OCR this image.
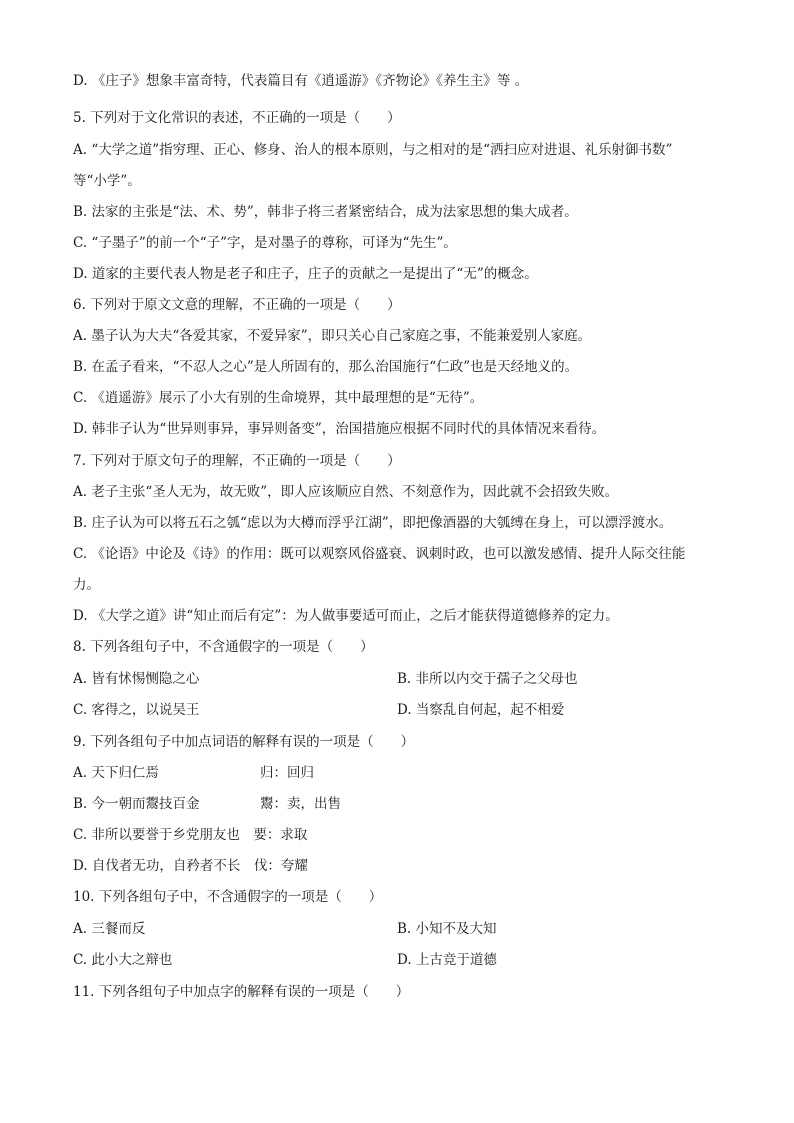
D. 《庄子》想象丰富奇特，代表篇目有《逍遥游》《齐物论》《养生主》等 。
5. 下列对于文化常识的表述，不正确的一项是（　　）
A. “大学之道”指穷理、正心、修身、治人的根本原则，与之相对的是“洒扫应对进退、礼乐射御书数”
等“小学”。
B. 法家的主张是“法、术、势”，韩非子将三者紧密结合，成为法家思想的集大成者。
C. “子墨子”的前一个“子”字，是对墨子的尊称，可译为“先生”。
D. 道家的主要代表人物是老子和庄子，庄子的贡献之一是提出了“无”的概念。
6. 下列对于原文文意的理解，不正确的一项是（　　）
A. 墨子认为大夫“各爱其家，不爱异家”，即只关心自己家庭之事，不能兼爱别人家庭。
B. 在孟子看来，“不忍人之心”是人所固有的，那么治国施行“仁政”也是天经地义的。
C. 《逍遥游》展示了小大有别的生命境界，其中最理想的是“无待”。
D. 韩非子认为“世异则事异，事异则备变”，治国措施应根据不同时代的具体情况来看待。
7. 下列对于原文句子的理解，不正确的一项是（　　）
A. 老子主张“圣人无为，故无败”，即人应该顺应自然、不刻意作为，因此就不会招致失败。
B. 庄子认为可以将五石之瓠“虑以为大樽而浮乎江湖”，即把像酒器的大瓠缚在身上，可以漂浮渡水。
C. 《论语》中论及《诗》的作用：既可以观察风俗盛衰、讽刺时政，也可以激发感情、提升人际交往能
力。
D. 《大学之道》讲“知止而后有定”：为人做事要适可而止，之后才能获得道德修养的定力。
8. 下列各组句子中，不含通假字的一项是（　　）
A. 皆有怵惕恻隐之心	B. 非所以内交于孺子之父母也
C. 客得之，以说吴王	D. 当察乱自何起，起不相爱
9. 下列各组句子中加点词语的解释有误的一项是（　　）
A. 天下归仁焉	归：回归
B. 今一朝而鬻技百金	鬻：卖，出售
C. 非所以要誉于乡党朋友也　要：求取
D. 自伐者无功，自矜者不长　伐：夸耀
10. 下列各组句子中，不含通假字的一项是（　　）
A. 三餐而反	B. 小知不及大知
C. 此小大之辩也	D. 上古竞于道德
11. 下列各组句子中加点字的解释有误的一项是（　　）
